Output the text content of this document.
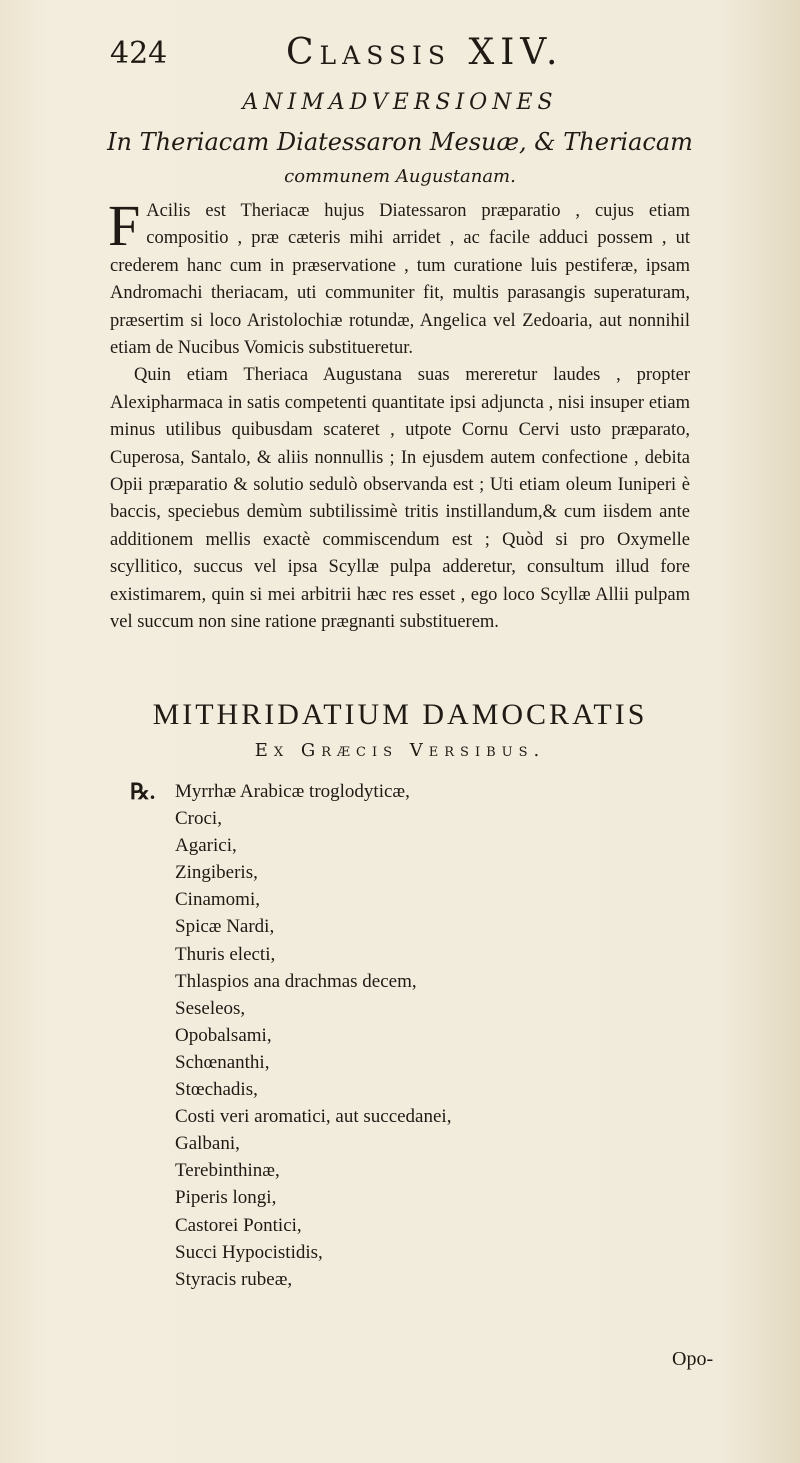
424	Classis XIV.
ANIMADVERSIONES
In Theriacam Diatessaron Mesuæ, & Theriacam
communem Augustanam.

F Acilis est Theriacæ hujus Diatessaron præparatio , cujus etiam compositio , præ cæteris mihi arridet , ac facile adduci possem , ut crederem hanc cum in præservatione , tum curatione luis pestiferæ, ipsam Andromachi theriacam, uti communiter fit, multis parasangis superaturam, præsertim si loco Aristolochiæ rotundæ, Angelica vel Zedoaria, aut nonnihil etiam de Nucibus Vomicis substitueretur.

Quin etiam Theriaca Augustana suas mereretur laudes , propter Alexipharmaca in satis competenti quantitate ipsi adjuncta , nisi insuper etiam minus utilibus quibusdam scateret , utpote Cornu Cervi usto præparato, Cuperosa, Santalo, & aliis nonnullis ; In ejusdem autem confectione , debita Opii præparatio & solutio sedulò observanda est ; Uti etiam oleum Iuniperi è baccis, speciebus demùm subtilissimè tritis instillandum,& cum iisdem ante additionem mellis exactè commiscendum est ; Quòd si pro Oxymelle scyllitico, succus vel ipsa Scyllæ pulpa adderetur, consultum illud fore existimarem, quin si mei arbitrii hæc res esset , ego loco Scyllæ Allii pulpam vel succum non sine ratione prægnanti substituerem.

MITHRIDATIUM DAMOCRATIS
Ex Græcis Versibus.
℞. Myrrhæ Arabicæ troglodyticæ,
Croci,
Agarici,
Zingiberis,
Cinamomi,
Spicæ Nardi,
Thuris electi,
Thlaspios ana drachmas decem,
Seseleos,
Opobalsami,
Schœnanthi,
Stœchadis,
Costi veri aromatici, aut succedanei,
Galbani,
Terebinthinæ,
Piperis longi,
Castorei Pontici,
Succi Hypocistidis,
Styracis rubeæ,
Opo-
